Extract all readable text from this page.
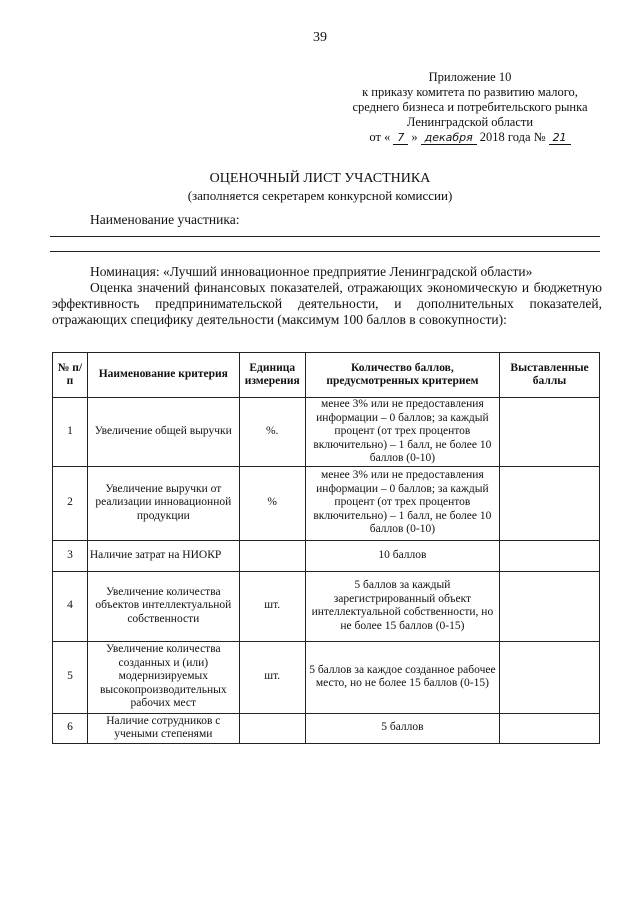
39
Приложение 10
к приказу комитета по развитию малого,
среднего бизнеса и потребительского рынка
Ленинградской области
от « 7 » декабря 2018 года № 21
ОЦЕНОЧНЫЙ ЛИСТ УЧАСТНИКА
(заполняется секретарем конкурсной комиссии)
Наименование участника:
Номинация: «Лучший инновационное предприятие Ленинградской области»
Оценка значений финансовых показателей, отражающих экономическую и бюджетную эффективность предпринимательской деятельности, и дополнительных показателей, отражающих специфику деятельности (максимум 100 баллов в совокупности):
№ п/п	Наименование критерия	Единица измерения	Количество баллов, предусмотренных критерием	Выставленные баллы
1	Увеличение общей выручки	%.	менее 3% или не предоставления информации – 0 баллов; за каждый процент (от трех процентов включительно) – 1 балл, не более 10 баллов (0-10)	
2	Увеличение выручки от реализации инновационной продукции	%	менее 3% или не предоставления информации – 0 баллов; за каждый процент (от трех процентов включительно) – 1 балл, не более 10 баллов (0-10)	
3	Наличие затрат на НИОКР		10 баллов	
4	Увеличение количества объектов интеллектуальной собственности	шт.	5 баллов за каждый зарегистрированный объект интеллектуальной собственности, но не более 15 баллов (0-15)	
5	Увеличение количества созданных и (или) модернизируемых высокопроизводительных рабочих мест	шт.	5 баллов за каждое созданное рабочее место, но не более 15 баллов (0-15)	
6	Наличие сотрудников с учеными степенями		5 баллов	
